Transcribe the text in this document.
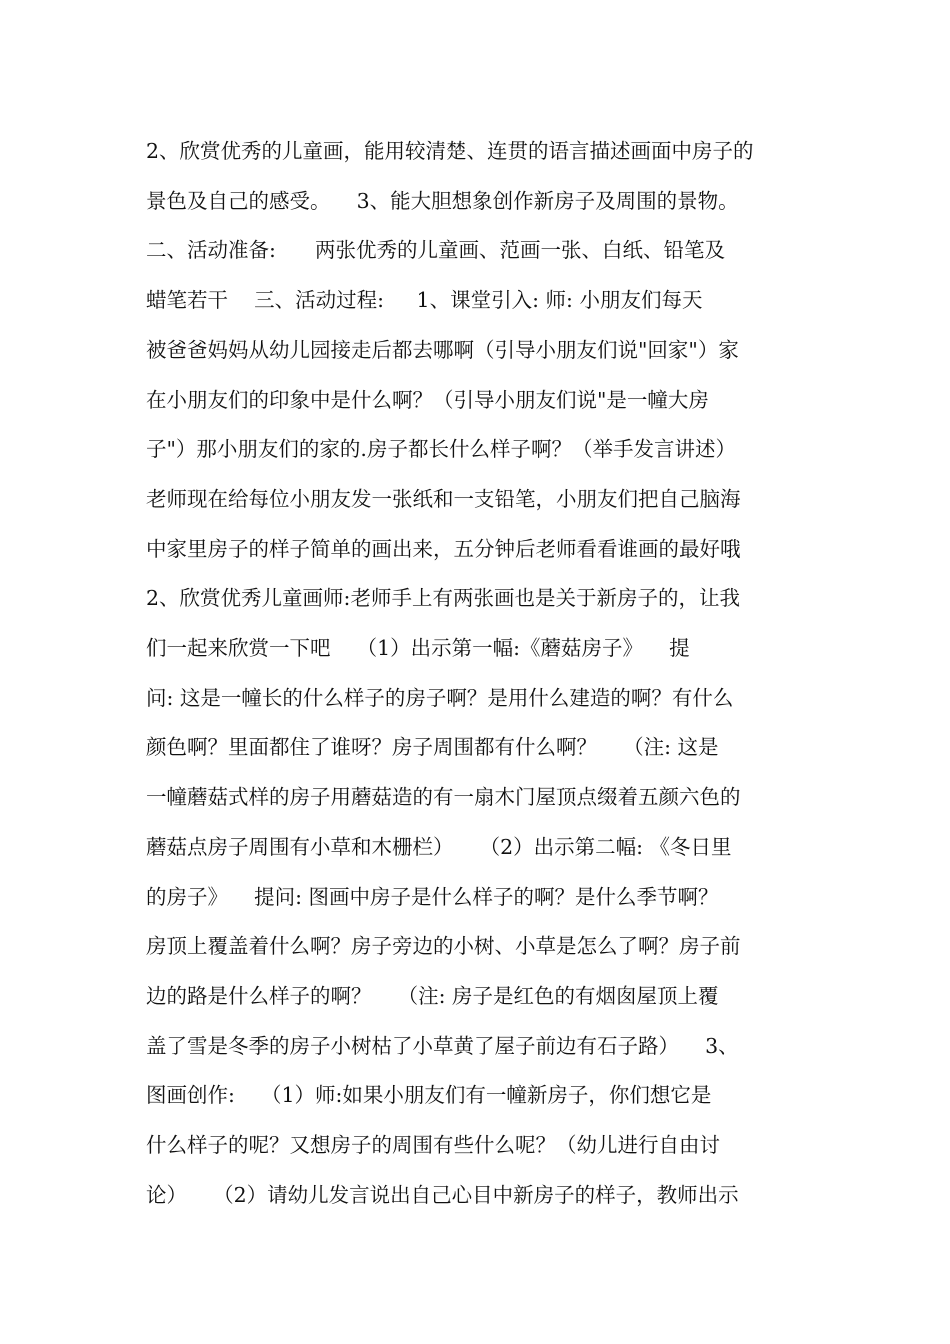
2、欣赏优秀的儿童画，能用较清楚、连贯的语言描述画面中房子的
景色及自己的感受。    3、能大胆想象创作新房子及周围的景物。
二、活动准备:      两张优秀的儿童画、范画一张、白纸、铅笔及
蜡笔若干    三、活动过程:     1、课堂引入: 师: 小朋友们每天
被爸爸妈妈从幼儿园接走后都去哪啊（引导小朋友们说"回家"）家
在小朋友们的印象中是什么啊？（引导小朋友们说"是一幢大房
子"）那小朋友们的家的.房子都长什么样子啊？（举手发言讲述）
老师现在给每位小朋友发一张纸和一支铅笔，小朋友们把自己脑海
中家里房子的样子简单的画出来，五分钟后老师看看谁画的最好哦
2、欣赏优秀儿童画师:老师手上有两张画也是关于新房子的，让我
们一起来欣赏一下吧    （1）出示第一幅:《蘑菇房子》    提
问: 这是一幢长的什么样子的房子啊？是用什么建造的啊？有什么
颜色啊？里面都住了谁呀？房子周围都有什么啊？    （注: 这是
一幢蘑菇式样的房子用蘑菇造的有一扇木门屋顶点缀着五颜六色的
蘑菇点房子周围有小草和木栅栏）    （2）出示第二幅: 《冬日里
的房子》    提问: 图画中房子是什么样子的啊？是什么季节啊？
房顶上覆盖着什么啊？房子旁边的小树、小草是怎么了啊？房子前
边的路是什么样子的啊？    （注: 房子是红色的有烟囱屋顶上覆
盖了雪是冬季的房子小树枯了小草黄了屋子前边有石子路）    3、
图画创作:    （1）师:如果小朋友们有一幢新房子，你们想它是
什么样子的呢？又想房子的周围有些什么呢？（幼儿进行自由讨
论）    （2）请幼儿发言说出自己心目中新房子的样子，教师出示
